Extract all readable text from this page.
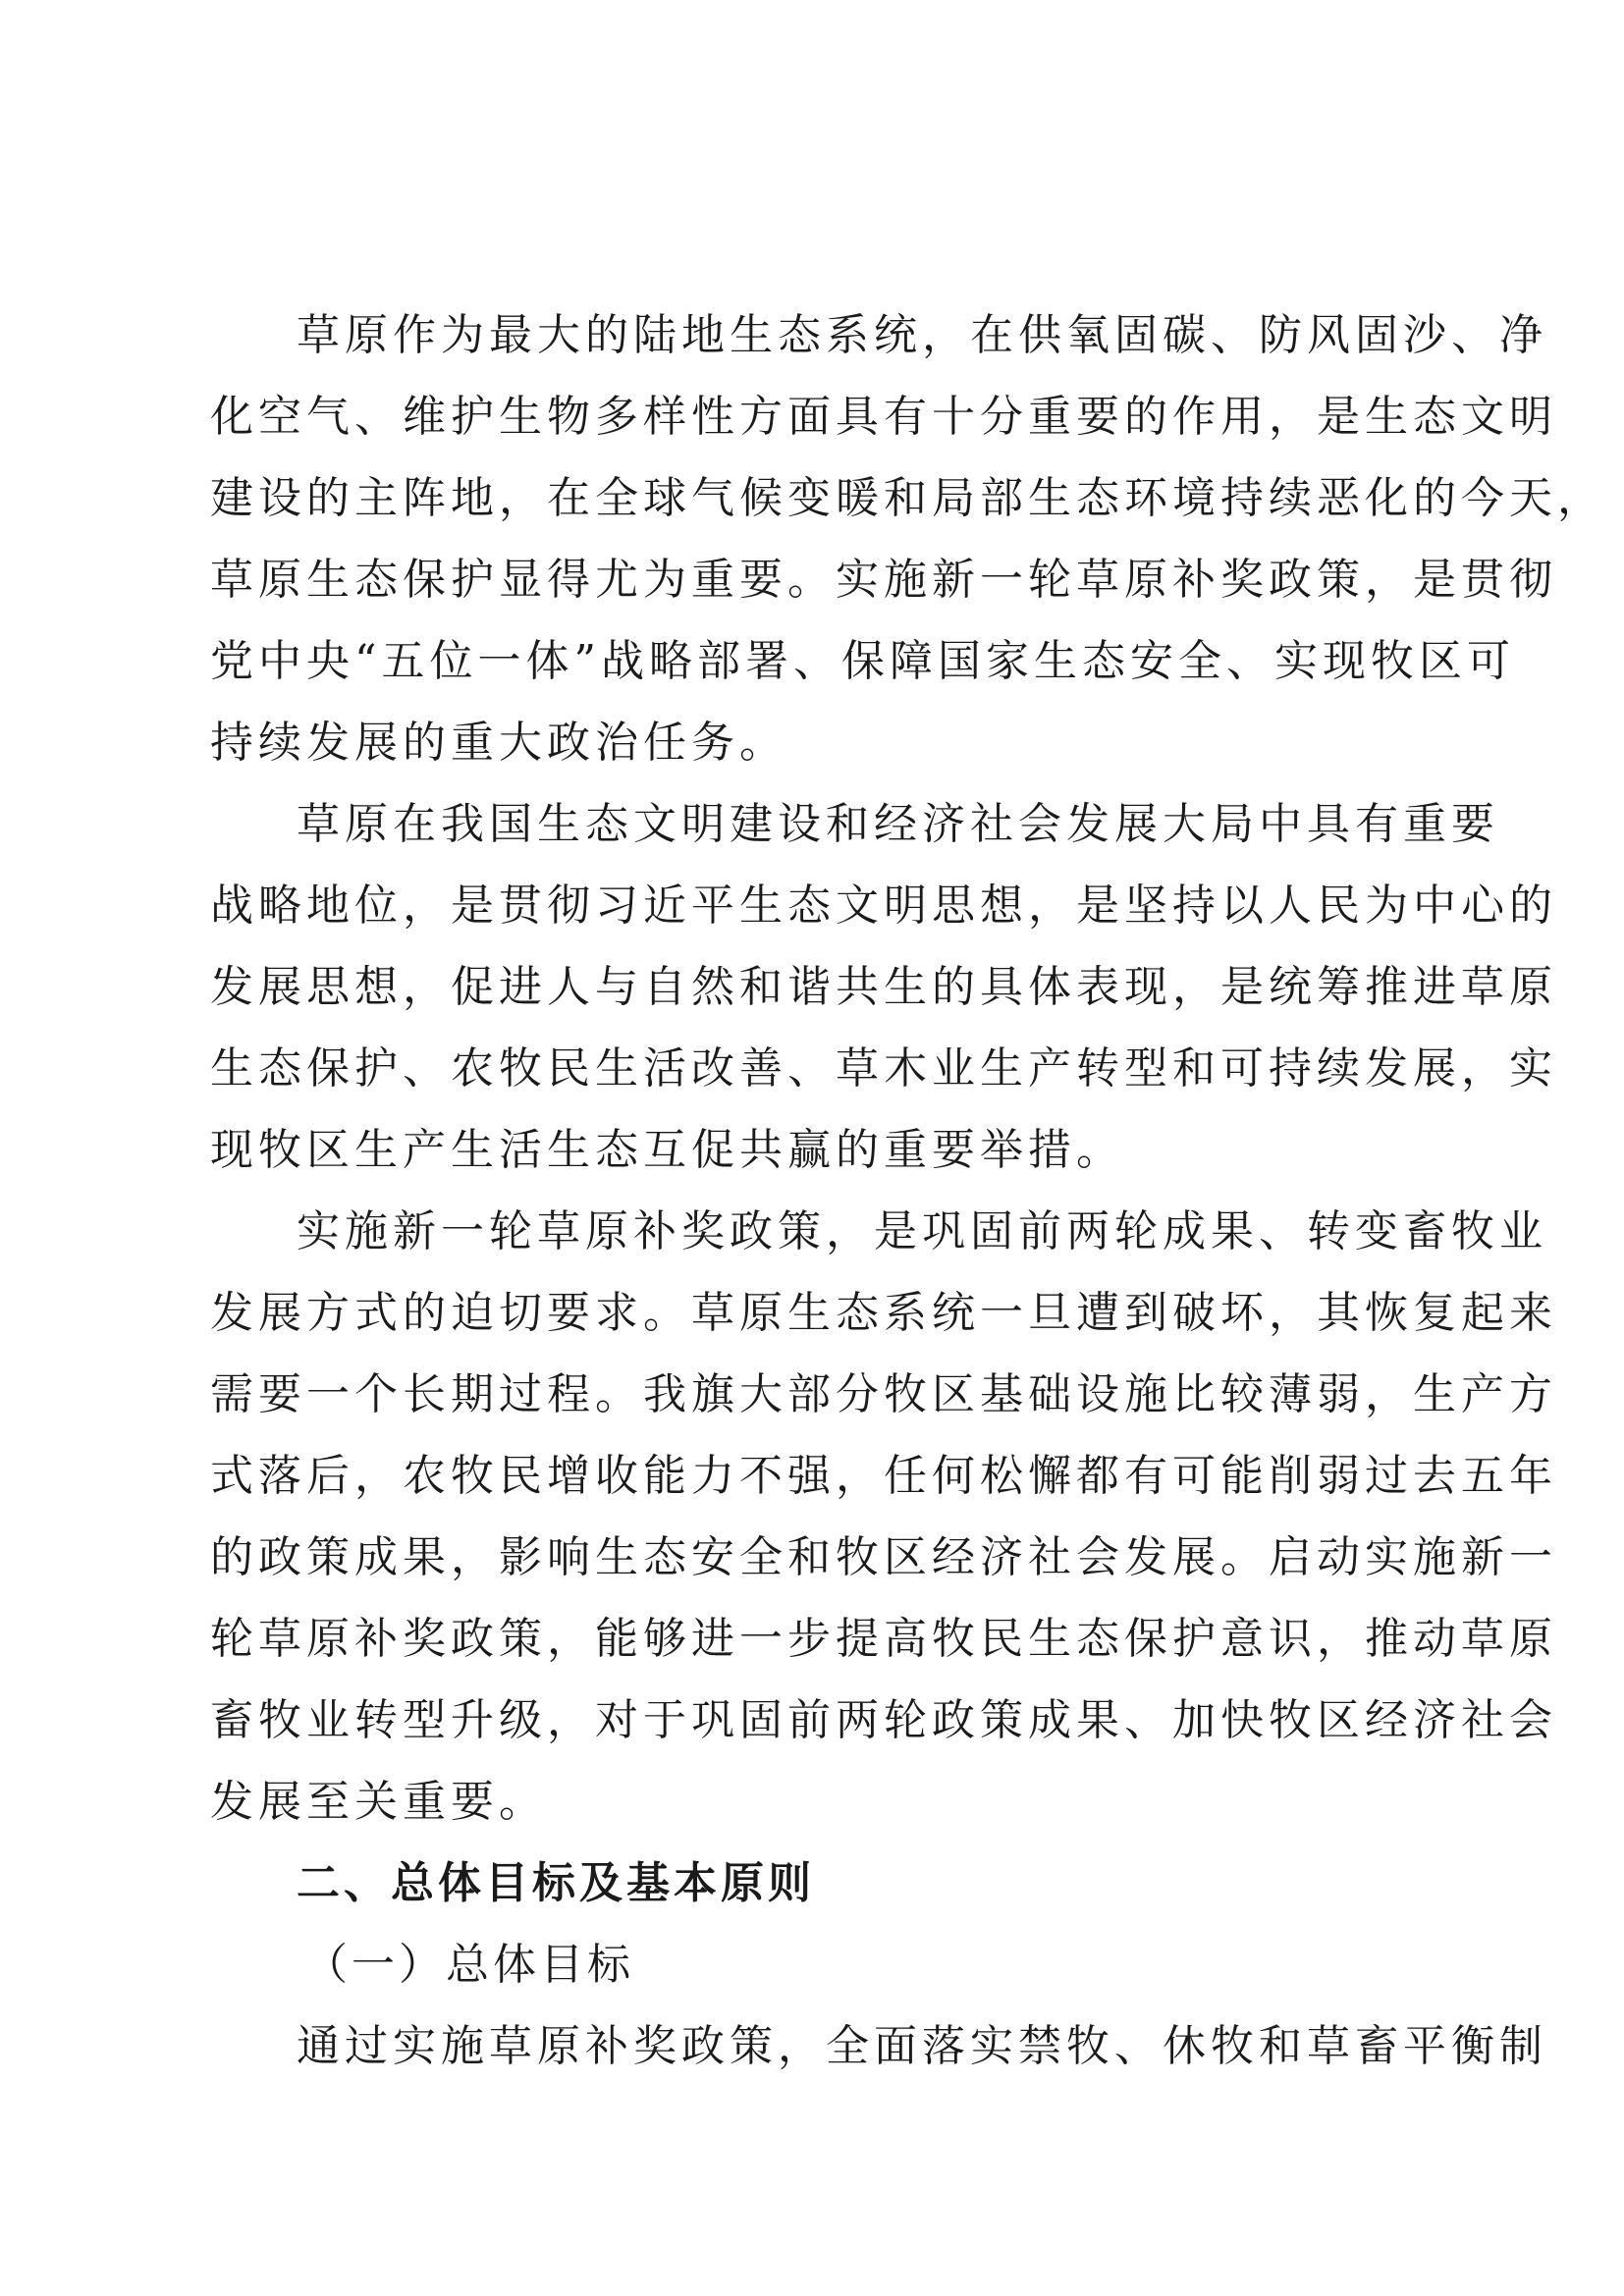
草原作为最大的陆地生态系统，在供氧固碳、防风固沙、净
化空气、维护生物多样性方面具有十分重要的作用，是生态文明
建设的主阵地，在全球气候变暖和局部生态环境持续恶化的今天，
草原生态保护显得尤为重要。实施新一轮草原补奖政策，是贯彻
党中央“五位一体”战略部署、保障国家生态安全、实现牧区可
持续发展的重大政治任务。
草原在我国生态文明建设和经济社会发展大局中具有重要
战略地位，是贯彻习近平生态文明思想，是坚持以人民为中心的
发展思想，促进人与自然和谐共生的具体表现，是统筹推进草原
生态保护、农牧民生活改善、草木业生产转型和可持续发展，实
现牧区生产生活生态互促共赢的重要举措。
实施新一轮草原补奖政策，是巩固前两轮成果、转变畜牧业
发展方式的迫切要求。草原生态系统一旦遭到破坏，其恢复起来
需要一个长期过程。我旗大部分牧区基础设施比较薄弱，生产方
式落后，农牧民增收能力不强，任何松懈都有可能削弱过去五年
的政策成果，影响生态安全和牧区经济社会发展。启动实施新一
轮草原补奖政策，能够进一步提高牧民生态保护意识，推动草原
畜牧业转型升级，对于巩固前两轮政策成果、加快牧区经济社会
发展至关重要。
二、总体目标及基本原则
（一）总体目标
通过实施草原补奖政策，全面落实禁牧、休牧和草畜平衡制
